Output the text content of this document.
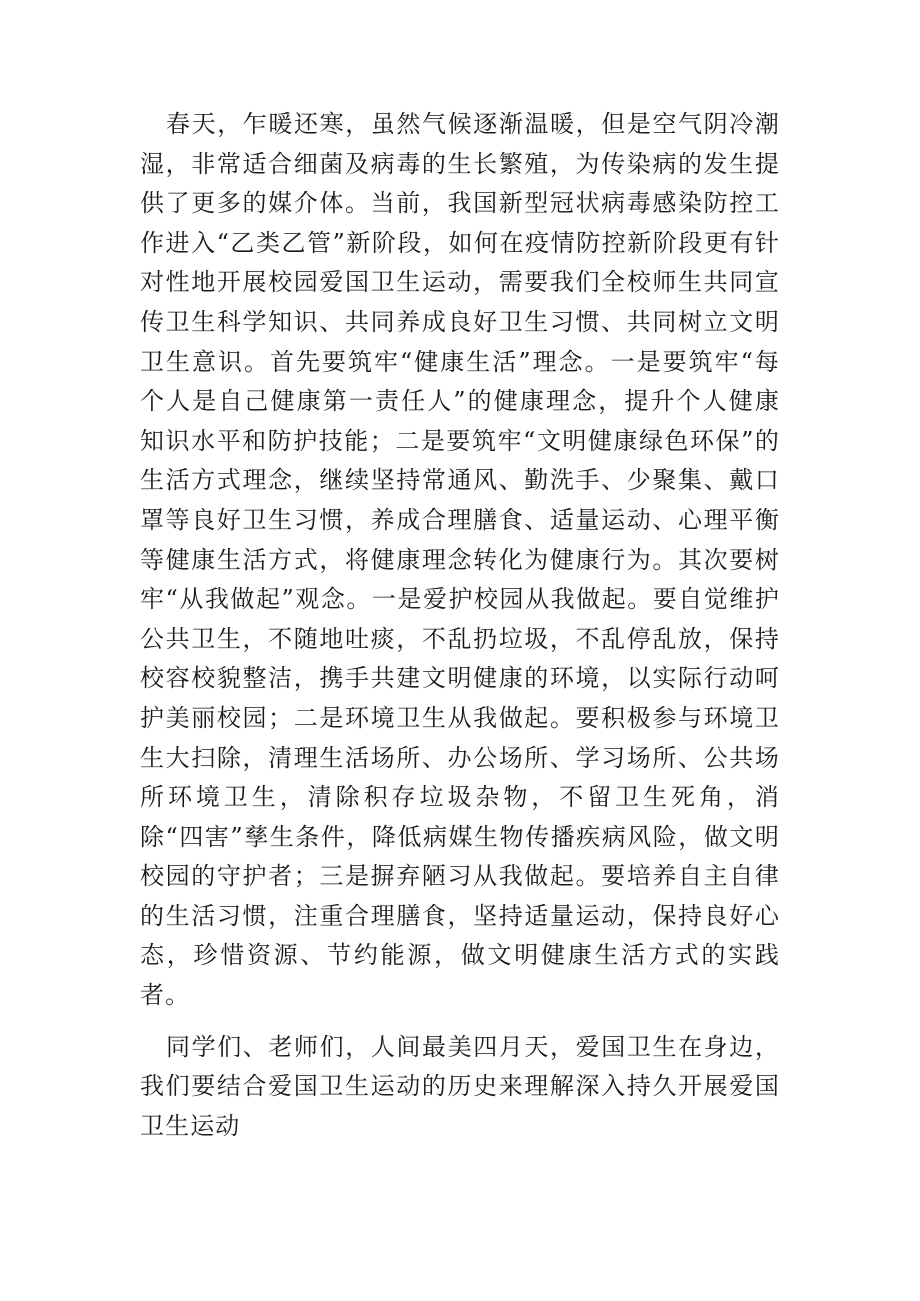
春天，乍暖还寒，虽然气候逐渐温暖，但是空气阴冷潮湿，非常适合细菌及病毒的生长繁殖，为传染病的发生提供了更多的媒介体。当前，我国新型冠状病毒感染防控工作进入“乙类乙管”新阶段，如何在疫情防控新阶段更有针对性地开展校园爱国卫生运动，需要我们全校师生共同宣传卫生科学知识、共同养成良好卫生习惯、共同树立文明卫生意识。首先要筑牢“健康生活”理念。一是要筑牢“每个人是自己健康第一责任人”的健康理念，提升个人健康知识水平和防护技能；二是要筑牢“文明健康绿色环保”的生活方式理念，继续坚持常通风、勤洗手、少聚集、戴口罩等良好卫生习惯，养成合理膳食、适量运动、心理平衡等健康生活方式，将健康理念转化为健康行为。其次要树牢“从我做起”观念。一是爱护校园从我做起。要自觉维护公共卫生，不随地吐痰，不乱扔垃圾，不乱停乱放，保持校容校貌整洁，携手共建文明健康的环境，以实际行动呵护美丽校园；二是环境卫生从我做起。要积极参与环境卫生大扫除，清理生活场所、办公场所、学习场所、公共场所环境卫生，清除积存垃圾杂物，不留卫生死角，消除“四害”孳生条件，降低病媒生物传播疾病风险，做文明校园的守护者；三是摒弃陋习从我做起。要培养自主自律的生活习惯，注重合理膳食，坚持适量运动，保持良好心态，珍惜资源、节约能源，做文明健康生活方式的实践者。

同学们、老师们，人间最美四月天，爱国卫生在身边，我们要结合爱国卫生运动的历史来理解深入持久开展爱国卫生运动
